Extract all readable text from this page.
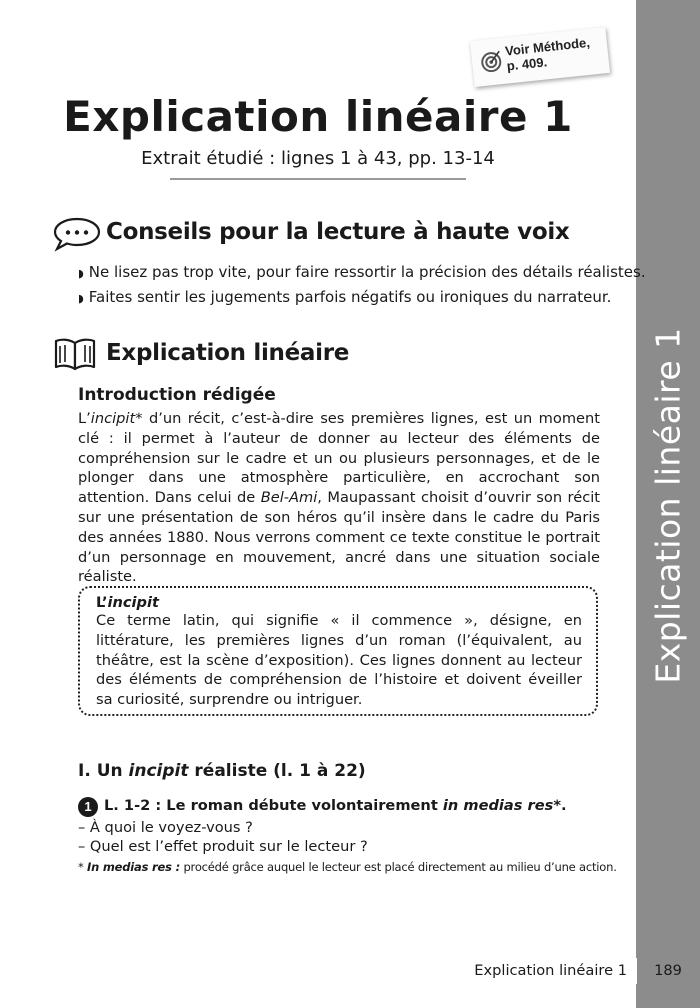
Explication linéaire 1
Voir Méthode,
p. 409.
Explication linéaire 1
Extrait étudié : lignes 1 à 43, pp. 13-14
Conseils pour la lecture à haute voix
◗ Ne lisez pas trop vite, pour faire ressortir la précision des détails réalistes.
◗ Faites sentir les jugements parfois négatifs ou ironiques du narrateur.
Explication linéaire
Introduction rédigée
L’incipit* d’un récit, c’est-à-dire ses premières lignes, est un moment clé : il permet à l’auteur de donner au lecteur des éléments de compréhension sur le cadre et un ou plusieurs personnages, et de le plonger dans une atmosphère particulière, en accrochant son attention. Dans celui de Bel-Ami, Maupassant choisit d’ouvrir son récit sur une présentation de son héros qu’il insère dans le cadre du Paris des années 1880. Nous verrons comment ce texte constitue le portrait d’un personnage en mouvement, ancré dans une situation sociale réaliste.
L’incipit
Ce terme latin, qui signifie « il commence », désigne, en littérature, les premières lignes d’un roman (l’équivalent, au théâtre, est la scène d’exposition). Ces lignes donnent au lecteur des éléments de compréhension de l’histoire et doivent éveiller sa curiosité, surprendre ou intriguer.
I. Un incipit réaliste (l. 1 à 22)
1 L. 1-2 : Le roman débute volontairement in medias res*.
– À quoi le voyez-vous ?
– Quel est l’effet produit sur le lecteur ?
* In medias res : procédé grâce auquel le lecteur est placé directement au milieu d’une action.
Explication linéaire 1	189
